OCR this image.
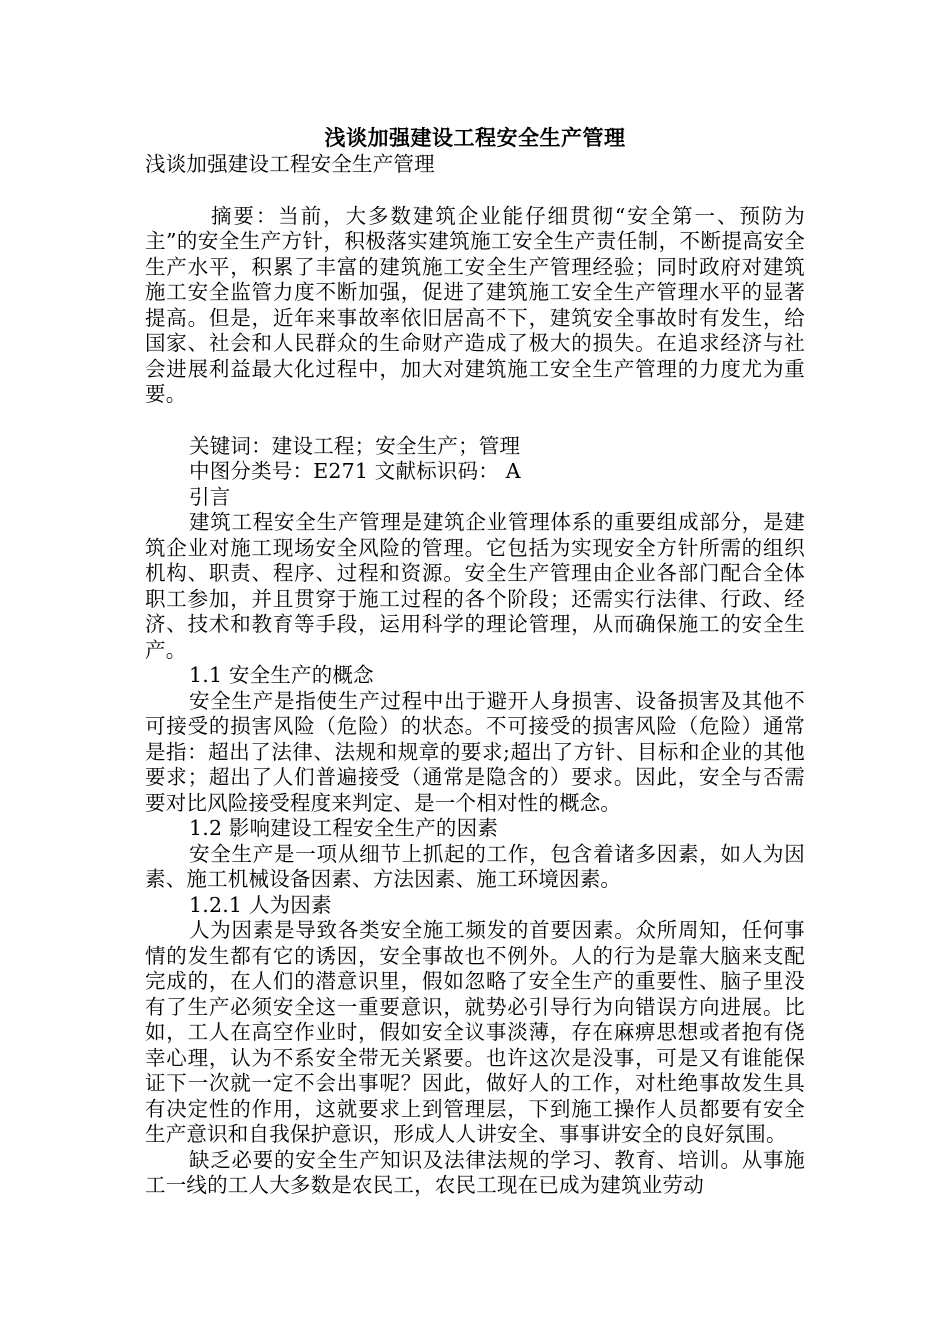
浅谈加强建设工程安全生产管理

浅谈加强建设工程安全生产管理

摘要：当前，大多数建筑企业能仔细贯彻“安全第一、预防为主”的安全生产方针，积极落实建筑施工安全生产责任制，不断提高安全生产水平，积累了丰富的建筑施工安全生产管理经验；同时政府对建筑施工安全监管力度不断加强，促进了建筑施工安全生产管理水平的显著提高。但是，近年来事故率依旧居高不下，建筑安全事故时有发生，给国家、社会和人民群众的生命财产造成了极大的损失。在追求经济与社会进展利益最大化过程中，加大对建筑施工安全生产管理的力度尤为重要。

关键词：建设工程；安全生产；管理

中图分类号：E271 文献标识码： A

引言

建筑工程安全生产管理是建筑企业管理体系的重要组成部分，是建筑企业对施工现场安全风险的管理。它包括为实现安全方针所需的组织机构、职责、程序、过程和资源。安全生产管理由企业各部门配合全体职工参加，并且贯穿于施工过程的各个阶段；还需实行法律、行政、经济、技术和教育等手段，运用科学的理论管理，从而确保施工的安全生产。

1.1 安全生产的概念

安全生产是指使生产过程中出于避开人身损害、设备损害及其他不可接受的损害风险（危险）的状态。不可接受的损害风险（危险）通常是指：超出了法律、法规和规章的要求;超出了方针、目标和企业的其他要求；超出了人们普遍接受（通常是隐含的）要求。因此，安全与否需要对比风险接受程度来判定、是一个相对性的概念。

1.2 影响建设工程安全生产的因素

安全生产是一项从细节上抓起的工作，包含着诸多因素，如人为因素、施工机械设备因素、方法因素、施工环境因素。

1.2.1 人为因素

人为因素是导致各类安全施工频发的首要因素。众所周知，任何事情的发生都有它的诱因，安全事故也不例外。人的行为是靠大脑来支配完成的，在人们的潜意识里，假如忽略了安全生产的重要性、脑子里没有了生产必须安全这一重要意识，就势必引导行为向错误方向进展。比如，工人在高空作业时，假如安全议事淡薄，存在麻痹思想或者抱有侥幸心理，认为不系安全带无关紧要。也许这次是没事，可是又有谁能保证下一次就一定不会出事呢？因此，做好人的工作，对杜绝事故发生具有决定性的作用，这就要求上到管理层，下到施工操作人员都要有安全生产意识和自我保护意识，形成人人讲安全、事事讲安全的良好氛围。

缺乏必要的安全生产知识及法律法规的学习、教育、培训。从事施工一线的工人大多数是农民工，农民工现在已成为建筑业劳动
